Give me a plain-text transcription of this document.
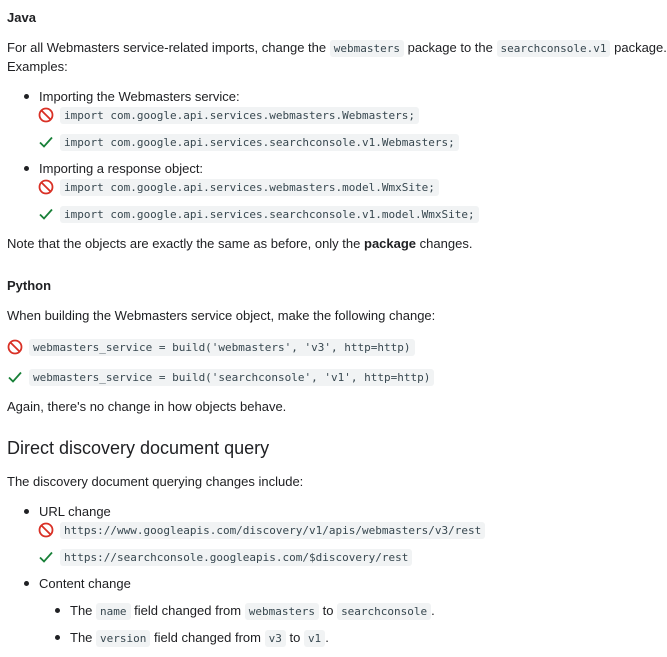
Java
For all Webmasters service-related imports, change the webmasters package to the searchconsole.v1 package.
Examples:
Importing the Webmasters service:
import com.google.api.services.webmasters.Webmasters;
import com.google.api.services.searchconsole.v1.Webmasters;
Importing a response object:
import com.google.api.services.webmasters.model.WmxSite;
import com.google.api.services.searchconsole.v1.model.WmxSite;
Note that the objects are exactly the same as before, only the package changes.
Python
When building the Webmasters service object, make the following change:
webmasters_service = build('webmasters', 'v3', http=http)
webmasters_service = build('searchconsole', 'v1', http=http)
Again, there's no change in how objects behave.
Direct discovery document query
The discovery document querying changes include:
URL change
https://www.googleapis.com/discovery/v1/apis/webmasters/v3/rest
https://searchconsole.googleapis.com/$discovery/rest
Content change
The name field changed from webmasters to searchconsole .
The version field changed from v3 to v1 .
